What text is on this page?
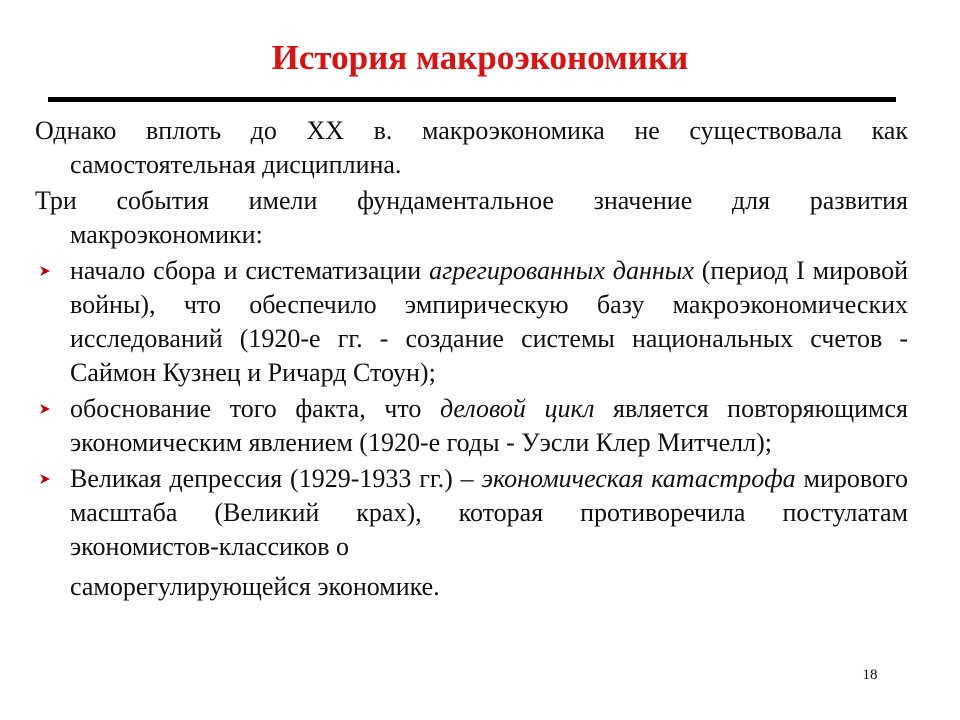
История макроэкономики

Однако вплоть до XX в. макроэкономика не существовала как самостоятельная дисциплина.

Три события имели фундаментальное значение для развития макроэкономики:

начало сбора и систематизации агрегированных данных (период I мировой войны), что обеспечило эмпирическую базу макроэкономических исследований (1920-е гг. - создание системы национальных счетов - Саймон Кузнец и Ричард Стоун);
обоснование того факта, что деловой цикл является повторяющимся экономическим явлением (1920-е годы - Уэсли Клер Митчелл);
Великая депрессия (1929-1933 гг.) – экономическая катастрофа мирового масштаба (Великий крах), которая противоречила постулатам экономистов-классиков о
саморегулирующейся экономике.
18
